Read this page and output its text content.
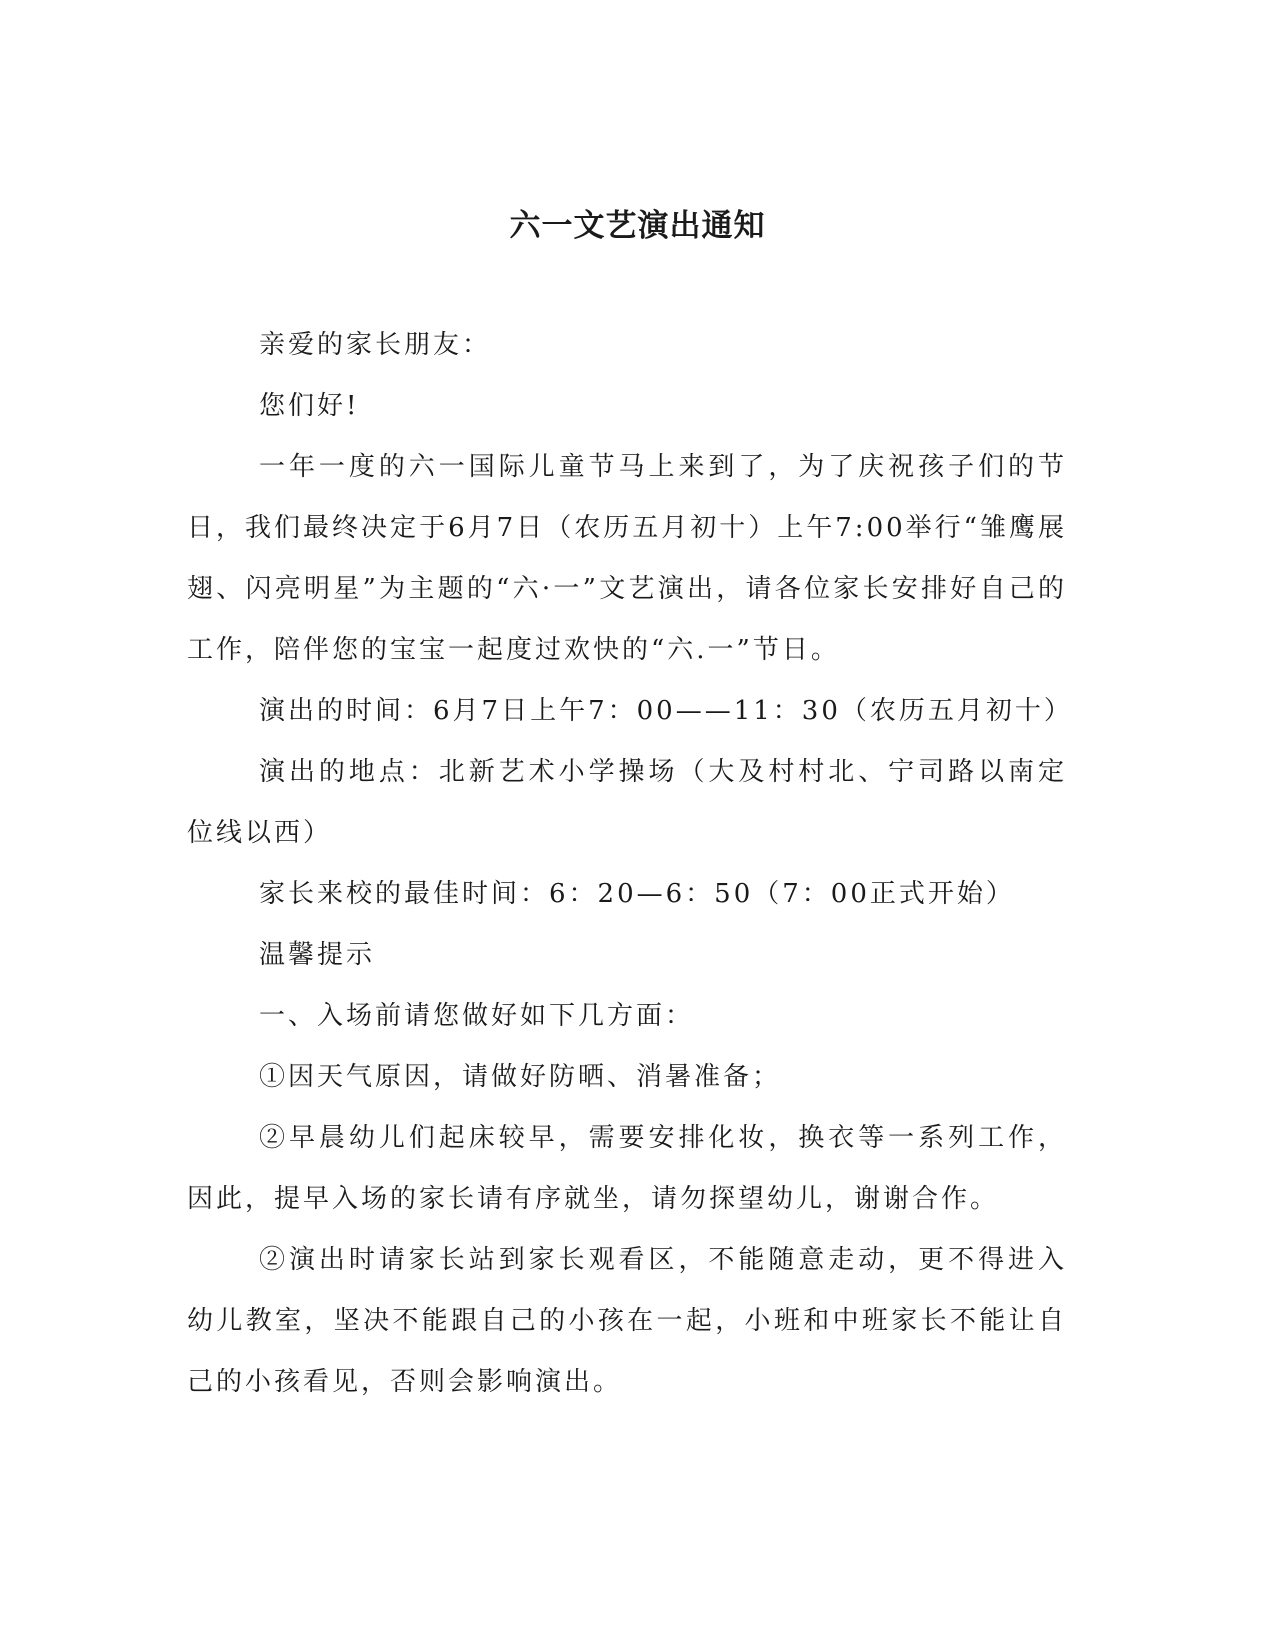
六一文艺演出通知

亲爱的家长朋友：

您们好!

一年一度的六一国际儿童节马上来到了，为了庆祝孩子们的节日，我们最终决定于6月7日（农历五月初十）上午7:00举行“雏鹰展翅、闪亮明星”为主题的“六·一”文艺演出，请各位家长安排好自己的工作，陪伴您的宝宝一起度过欢快的“六.一”节日。

演出的时间：6月7日上午7：00——11：30（农历五月初十）

演出的地点：北新艺术小学操场（大及村村北、宁司路以南定位线以西）

家长来校的最佳时间：6：20—6：50（7：00正式开始）

温馨提示

一、入场前请您做好如下几方面：

①因天气原因，请做好防晒、消暑准备；

②早晨幼儿们起床较早，需要安排化妆，换衣等一系列工作，因此，提早入场的家长请有序就坐，请勿探望幼儿，谢谢合作。

②演出时请家长站到家长观看区，不能随意走动，更不得进入幼儿教室，坚决不能跟自己的小孩在一起，小班和中班家长不能让自己的小孩看见，否则会影响演出。
